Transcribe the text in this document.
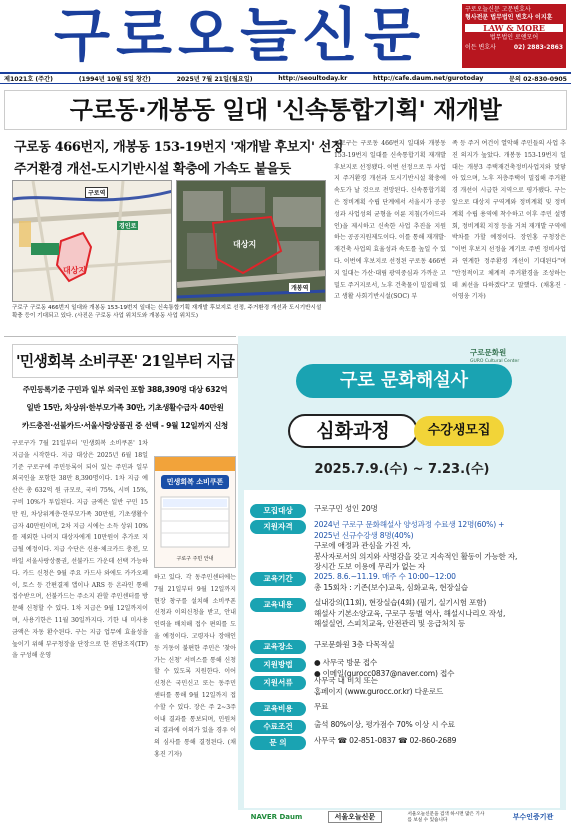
구로오늘신문	구로오늘신문 고문변호사
형사전문 법무법인 변호사 이지훈
LAW & MORE
법무법인 로앤모어
이든 변호사	02) 2883-2863
제1021호 (주간)	(1994년 10월 5일 창간)	2025년 7월 21일(월요일)	http://seoultoday.kr	http://cafe.daum.net/gurotoday	문의 02-830-0905
구로동·개봉동 일대 '신속통합기획' 재개발
구로동 466번지, 개봉동 153-19번지 '재개발 후보지' 선정
주거환경 개선-도시기반시설 확충에 가속도 붙을듯
구로역
대상지
경인로
개봉역
대상지
구로구 구로동 466번지 일대와 개봉동 153-19번지 일대는 신속통합기획 재개발 후보지로 선정, 주거환경 개선과 도시기반시설 확충 등이 기대되고 있다. (사진은 구로동 사업 위치도와 개봉동 사업 위치도)
구로구는 구로동 466번지 일대와 개봉동 153-19번지 일대를 신속통합기획 재개발 후보지로 선정됐다. 이번 선정으로 두 사업지 주거환경 개선과 도시기반시설 확충에 속도가 날 것으로 전망된다. 신속통합기획은 정비계획 수립 단계에서 서울시가 공공성과 사업성의 균형을 이룬 지침(가이드라인)을 제시하고 신속한 사업 추진을 지원하는 공공지원제도이다. 이를 통해 재개발·재건축 사업의 효율성과 속도를 높일 수 있다. 이번에 후보지로 선정된 구로동 466번지 일대는 가산·대림 광역중심과 가까운 고밀도 주거지로서, 노후 건축물이 밀집해 있고 생활 사회기반시설(SOC) 부
족 등 주거 여건이 열악해 주민들의 사업 추진 의지가 높았다. 개봉동 153-19번지 일대는 개봉3 주택재건축정비사업지와 맞닿아 있으며, 노후 저층주택이 밀집해 주거환경 개선이 시급한 지역으로 평가됐다. 구는 앞으로 대상지 구역계와 정비계획 및 정비계획 수립 용역에 착수하고 이후 주민 설명회, 정비계획 지정 등을 거쳐 재개발 구역에 박차를 가할 예정이다. 장인홍 구청장은 "이번 후보지 선정을 계기로 주변 정비사업과 연계한 정주환경 개선이 기대된다"며 "안정적이고 체계적 주거환경을 조성하는 데 최선을 다하겠다"고 말했다. (채홍진 · 이영웅 기자)
'민생회복 소비쿠폰' 21일부터 지급
주민등록기준 구민과 일부 외국인 포함 388,390명 대상 632억
일반 15만, 차상위·한부모가족 30만, 기초생활수급자 40만원
카드충전·선불카드·서울사랑상품권 중 선택 - 9월 12일까지 신청
구로구가 7월 21일부터 '민생회복 소비쿠폰' 1차 지급을 시작한다. 지급 대상은 2025년 6월 18일 기준 구로구에 주민등록이 되어 있는 주민과 일부 외국인을 포함한 38만 8,390명이다. 1차 지급 예산은 총 632억 원 규모로, 국비 75%, 시비 15%, 구비 10%가 투입된다. 지급 금액은 일반 구민 15만 원, 차상위계층·한부모가족 30만원, 기초생활수급자 40만원이며, 2차 지급 시에는 소득 상위 10% 를 제외한 나머지 대상자에게 10만원이 추가로 지급될 예정이다. 지급 수단은 신용·체크카드 충전, 모바일 서울사랑상품권, 선불카드 가운데 선택 가능하다. 카드 신청은 9월 주요 카드사 와에도 카카오페이, 토스 등 간편결제 앱이나 ARS 등 온라인 통해 접수받으며, 선불카드는 주소지 관할 주민센터를 방문해 신청할 수 있다. 1차 지급은 9월 12일까지이며, 사용기한은 11월 30일까지다. 기한 내 미사용 금액은 자동 환수된다. 구는 지급 업무에 효율성을 높이기 위해 부구청장을 단장으로 한 전담조직(TF)을 구성해 운영
민생회복 소비쿠폰
구로구 주민 안내
하고 있다. 각 동주민센터에는 7월 21일부터 9월 12일까지 현장 창구를 설치해 소비쿠폰 신청과 이의신청을 받고, 안내 인력을 배치해 접수 편의를 도울 예정이다. 고령자나 장애인 등 거동이 불편한 주민은 '찾아가는 신청' 서비스를 통해 신청할 수 있도록 지원한다. 이어 신청은 국민신고 또는 동주민센터를 통해 9월 12일까지 접수할 수 있다. 장은 주 2~3주 이내 결과를 통보되며, 민원처리 결과에 이의가 있을 경우 이의 심사를 통해 결정된다. (채홍진 기자)
구로문화원
GURO Cultural Center
구로 문화해설사
심화과정	수강생모집
2025.7.9.(수) ~ 7.23.(수)
모집대상	구로구민 성인 20명
지원자격	2024년 구로구 문화해설사 양성과정 수료생 12명(60%) +
2025년 신규수강생 8명(40%)
구로에 애정과 관심을 가진 자,
봉사자로서의 의지와 사명감을 갖고 지속적인 활동이 가능한 자,
장시간 도보 이용에 무리가 없는 자
교육기간	2025. 8.6.~11.19. 매주 수 10:00~12:00
총 15회차 : 기존(보수)교육, 심화교육, 현장실습
교육내용	실내강의(11회), 현장실습(4회) (필기, 실기시험 포함)
해설사 기본소양교육, 구로구 동별 역사, 해설시나리오 작성,
해설실연, 스피치교육, 안전관리 및 응급처치 등
교육장소	구로문화원 3층 다목적실
지원방법	● 사무국 방문 접수
● 이메일(gurocc0837@naver.com) 접수
지원서류	사무국 내 비치 또는
홈페이지 (www.gurocc.or.kr) 다운로드
교육비용	무료
수료조건	출석 80%이상, 평가점수 70% 이상 시 수료
문 의	사무국 ☎ 02-851-0837 ☎ 02-860-2689
NAVER Daum	서울오늘신문	서울오늘신문을 검색 하시면 많은 기사를 보실 수 있습니다	부수인증기관
